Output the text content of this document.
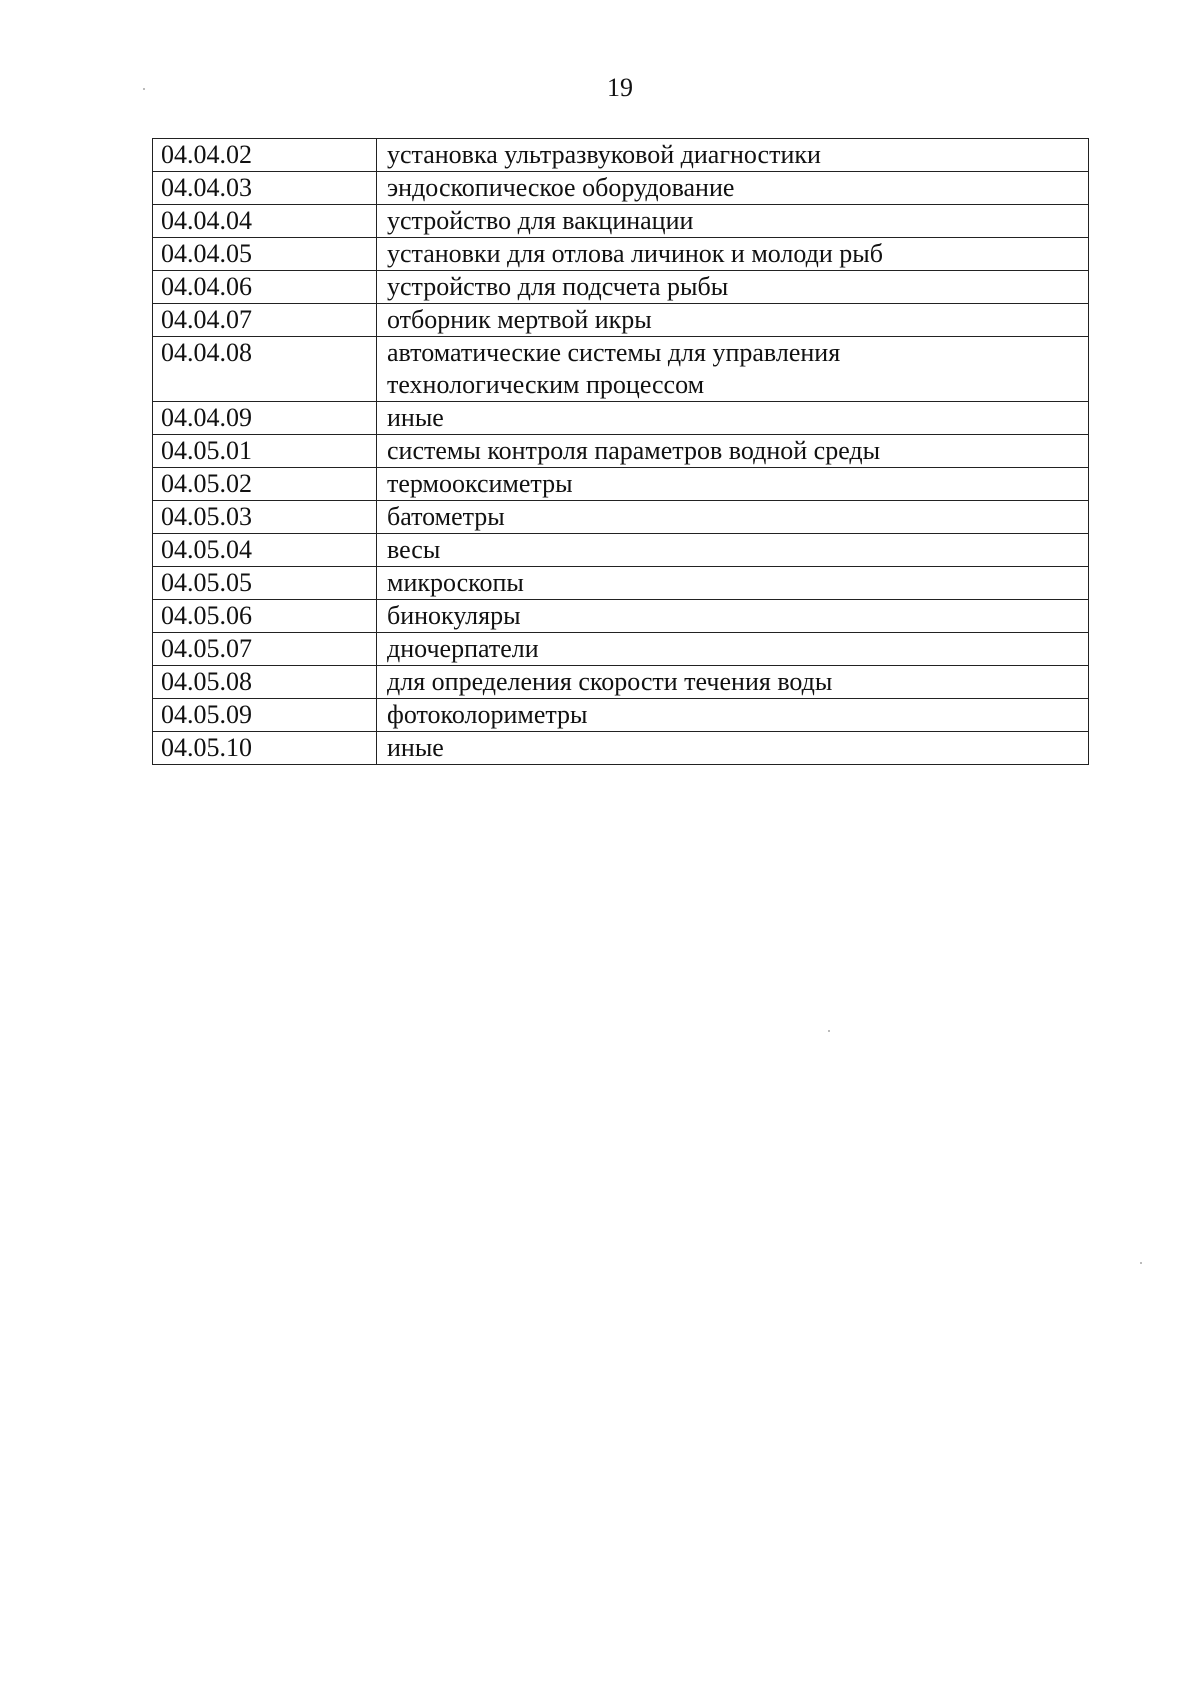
19
04.04.02	установка ультразвуковой диагностики
04.04.03	эндоскопическое оборудование
04.04.04	устройство для вакцинации
04.04.05	установки для отлова личинок и молоди рыб
04.04.06	устройство для подсчета рыбы
04.04.07	отборник мертвой икры
04.04.08	автоматические системы для управления
технологическим процессом

04.04.09	иные
04.05.01	системы контроля параметров водной среды
04.05.02	термооксиметры
04.05.03	батометры
04.05.04	весы
04.05.05	микроскопы
04.05.06	бинокуляры
04.05.07	дночерпатели
04.05.08	для определения скорости течения воды
04.05.09	фотоколориметры
04.05.10	иные
